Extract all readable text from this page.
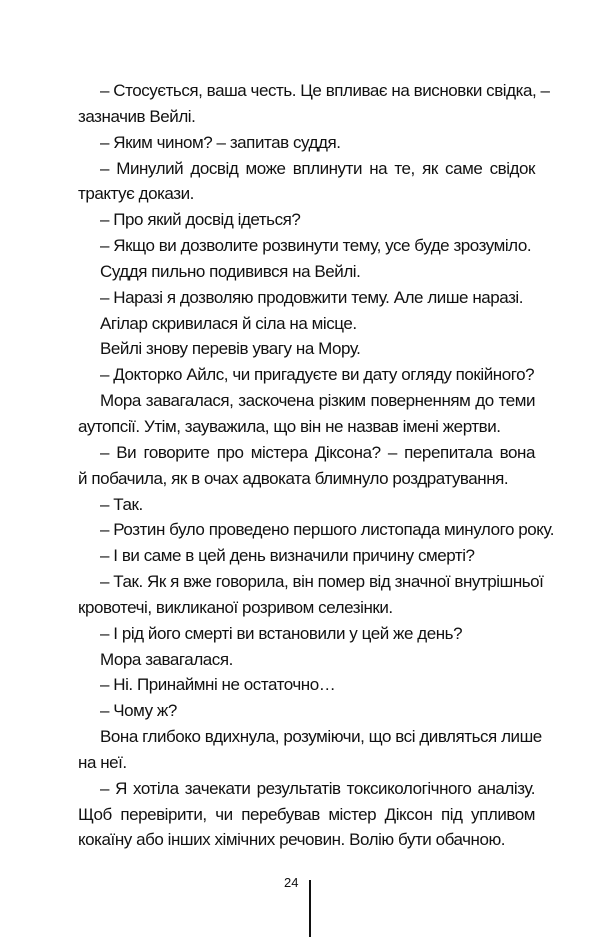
– Стосується, ваша честь. Це впливає на висновки свідка, –
зазначив Вейлі.
– Яким чином? – запитав суддя.
– Минулий досвід може вплинути на те, як саме свідок
трактує докази.
– Про який досвід ідеться?
– Якщо ви дозволите розвинути тему, усе буде зрозуміло.
Суддя пильно подивився на Вейлі.
– Наразі я дозволяю продовжити тему. Але лише наразі.
Агілар скривилася й сіла на місце.
Вейлі знову перевів увагу на Мору.
– Докторко Айлс, чи пригадуєте ви дату огляду покійного?
Мора завагалася, заскочена різким поверненням до теми
аутопсії. Утім, зауважила, що він не назвав імені жертви.
– Ви говорите про містера Діксона? – перепитала вона
й побачила, як в очах адвоката блимнуло роздратування.
– Так.
– Розтин було проведено першого листопада минулого року.
– І ви саме в цей день визначили причину смерті?
– Так. Як я вже говорила, він помер від значної внутрішньої
кровотечі, викликаної розривом селезінки.
– І рід його смерті ви встановили у цей же день?
Мора завагалася.
– Ні. Принаймні не остаточно…
– Чому ж?
Вона глибоко вдихнула, розуміючи, що всі дивляться лише
на неї.
– Я хотіла зачекати результатів токсикологічного аналізу.
Щоб перевірити, чи перебував містер Діксон під упливом
кокаїну або інших хімічних речовин. Волію бути обачною.
24
